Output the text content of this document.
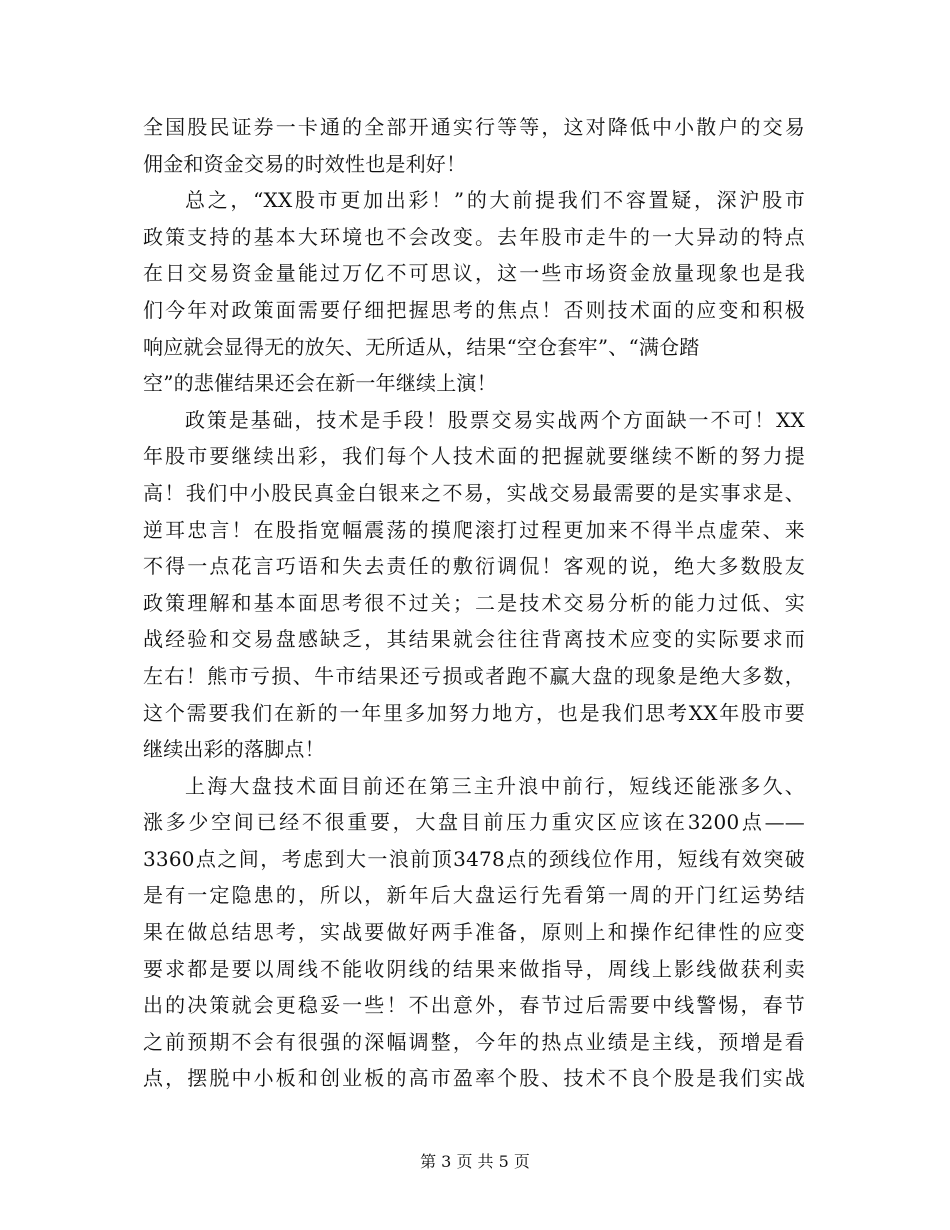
全国股民证券一卡通的全部开通实行等等，这对降低中小散户的交易
佣金和资金交易的时效性也是利好！
总之，“XX股市更加出彩！”的大前提我们不容置疑，深沪股市
政策支持的基本大环境也不会改变。去年股市走牛的一大异动的特点
在日交易资金量能过万亿不可思议，这一些市场资金放量现象也是我
们今年对政策面需要仔细把握思考的焦点！否则技术面的应变和积极
响应就会显得无的放矢、无所适从，结果“空仓套牢”、“满仓踏
空”的悲催结果还会在新一年继续上演！
政策是基础，技术是手段！股票交易实战两个方面缺一不可！XX
年股市要继续出彩，我们每个人技术面的把握就要继续不断的努力提
高！我们中小股民真金白银来之不易，实战交易最需要的是实事求是、
逆耳忠言！在股指宽幅震荡的摸爬滚打过程更加来不得半点虚荣、来
不得一点花言巧语和失去责任的敷衍调侃！客观的说，绝大多数股友
政策理解和基本面思考很不过关；二是技术交易分析的能力过低、实
战经验和交易盘感缺乏，其结果就会往往背离技术应变的实际要求而
左右！熊市亏损、牛市结果还亏损或者跑不赢大盘的现象是绝大多数，
这个需要我们在新的一年里多加努力地方，也是我们思考XX年股市要
继续出彩的落脚点！
上海大盘技术面目前还在第三主升浪中前行，短线还能涨多久、
涨多少空间已经不很重要，大盘目前压力重灾区应该在3200点——
3360点之间，考虑到大一浪前顶3478点的颈线位作用，短线有效突破
是有一定隐患的，所以，新年后大盘运行先看第一周的开门红运势结
果在做总结思考，实战要做好两手准备，原则上和操作纪律性的应变
要求都是要以周线不能收阴线的结果来做指导，周线上影线做获利卖
出的决策就会更稳妥一些！不出意外，春节过后需要中线警惕，春节
之前预期不会有很强的深幅调整，今年的热点业绩是主线，预增是看
点，摆脱中小板和创业板的高市盈率个股、技术不良个股是我们实战
第 3 页 共 5 页
